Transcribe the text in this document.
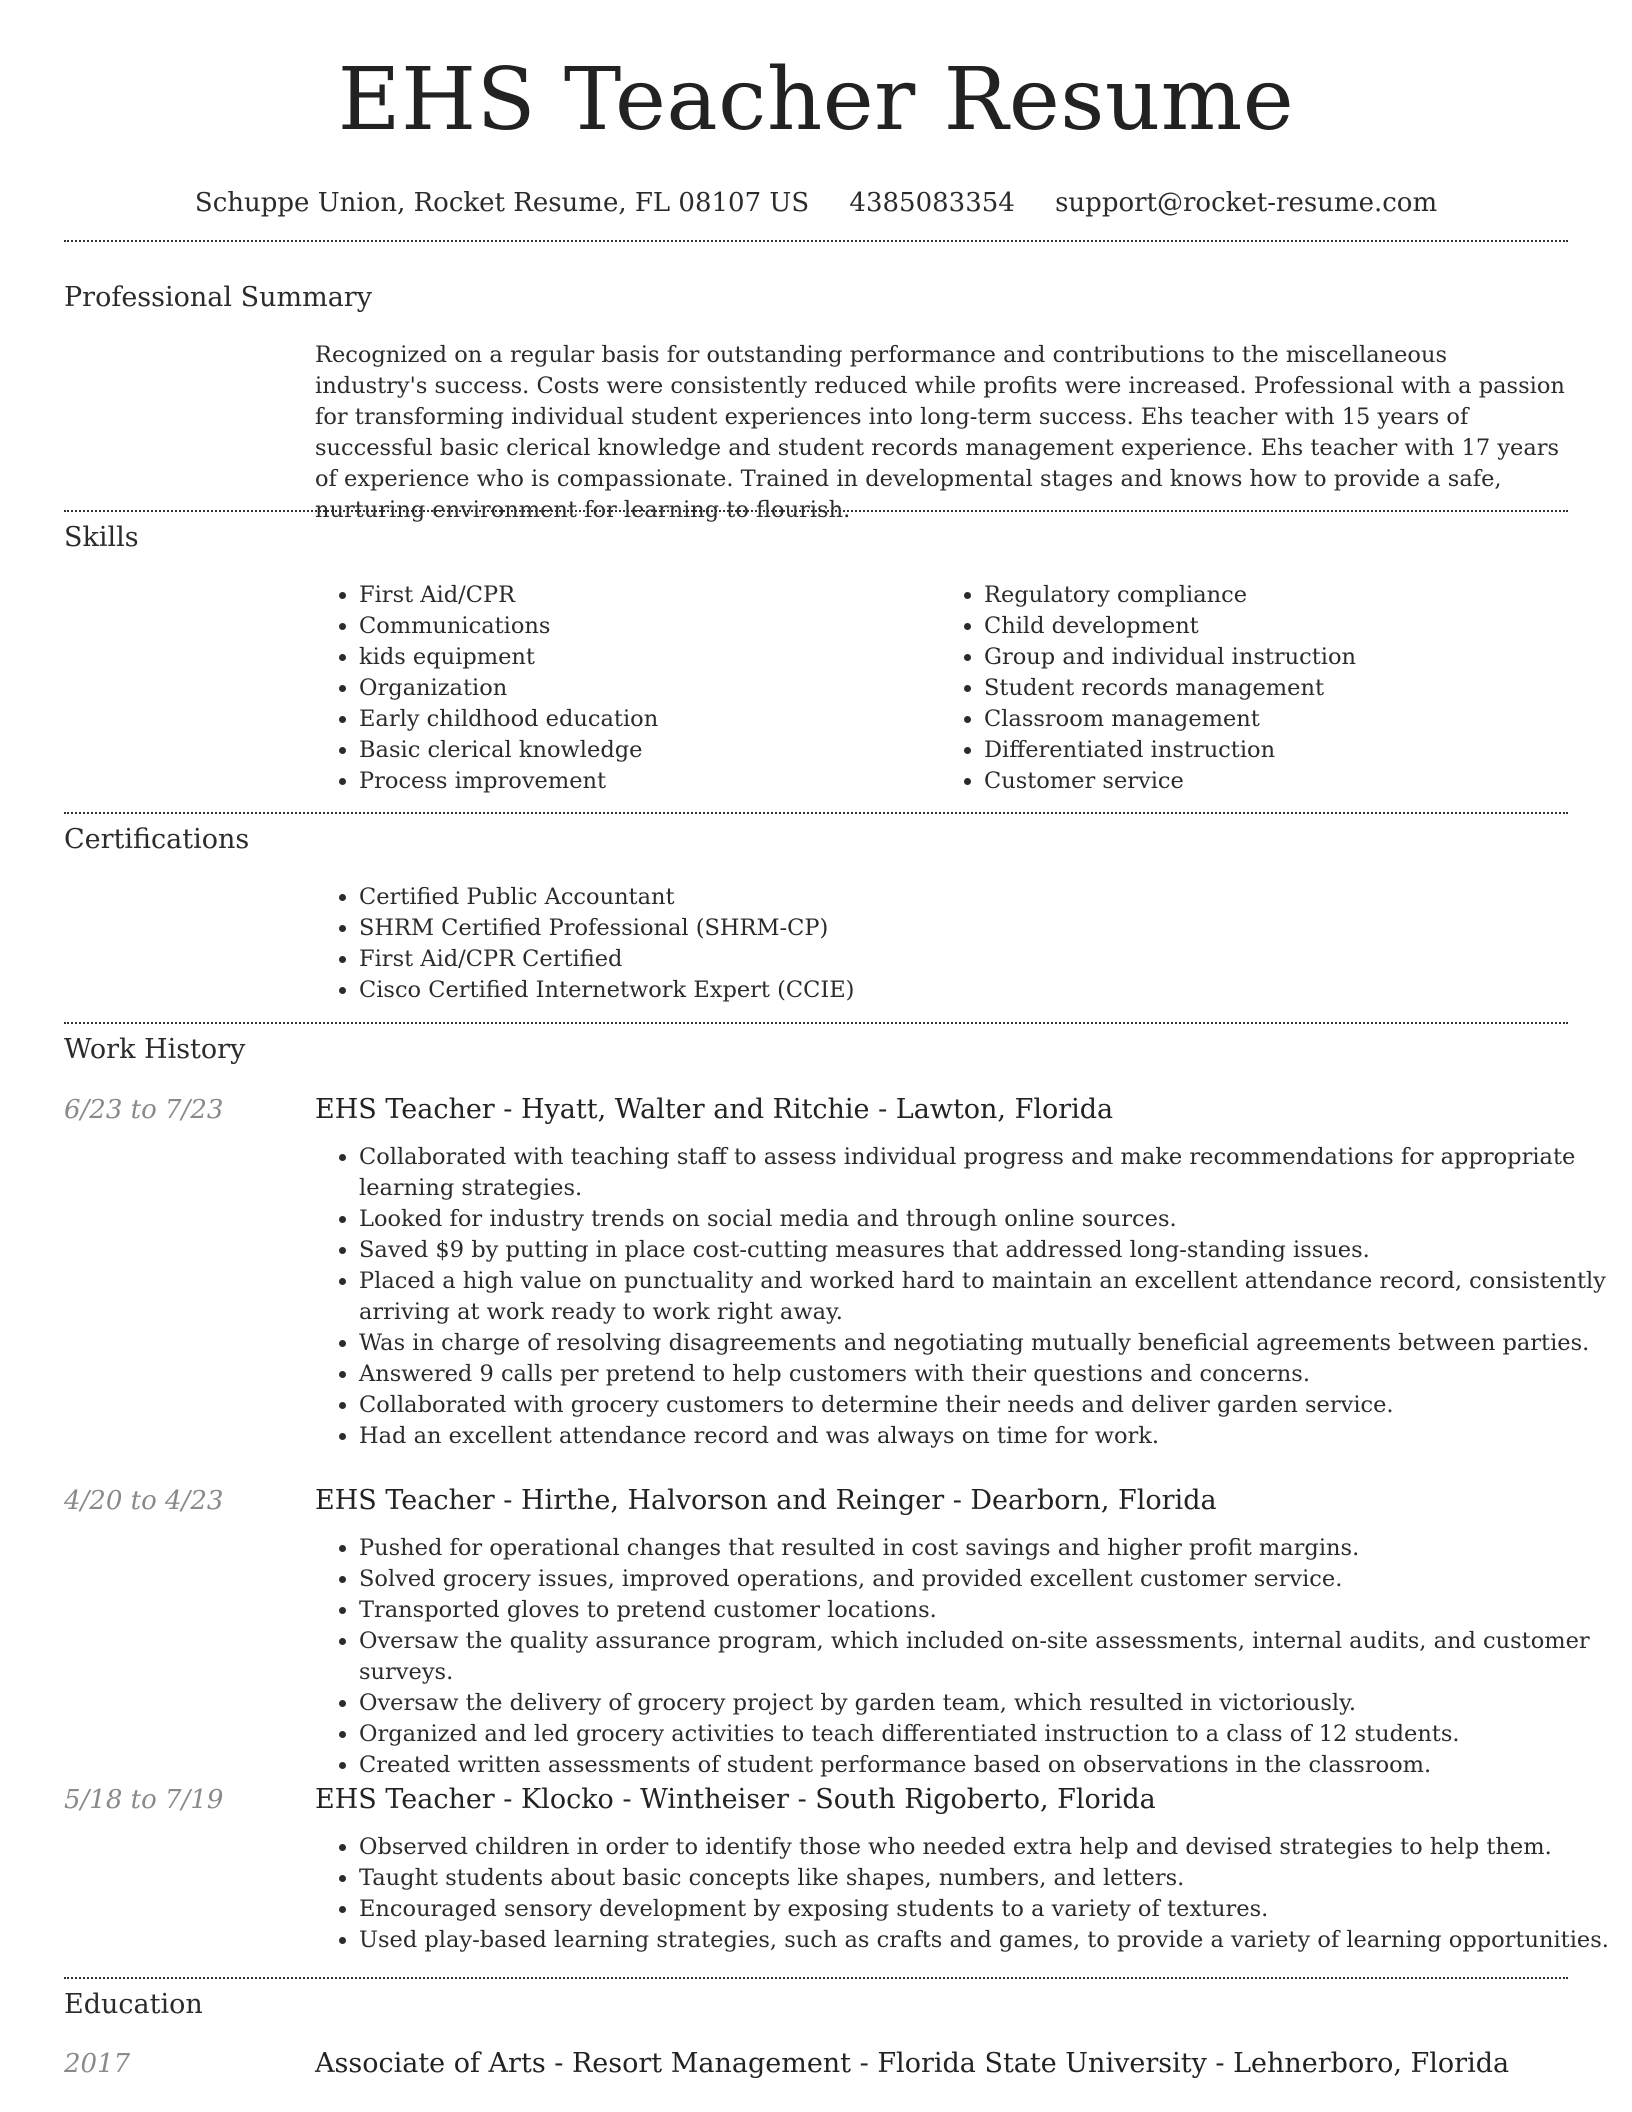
EHS Teacher Resume
Schuppe Union, Rocket Resume, FL 08107 US 4385083354 support@rocket-resume.com
Professional Summary

Recognized on a regular basis for outstanding performance and contributions to the miscellaneous industry's success. Costs were consistently reduced while profits were increased. Professional with a passion for transforming individual student experiences into long-term success. Ehs teacher with 15 years of successful basic clerical knowledge and student records management experience. Ehs teacher with 17 years of experience who is compassionate. Trained in developmental stages and knows how to provide a safe, nurturing environment for learning to flourish.

Skills
• First Aid/CPR
• Communications
• kids equipment
• Organization
• Early childhood education
• Basic clerical knowledge
• Process improvement
• Regulatory compliance
• Child development
• Group and individual instruction
• Student records management
• Classroom management
• Differentiated instruction
• Customer service
Certifications
• Certified Public Accountant
• SHRM Certified Professional (SHRM-CP)
• First Aid/CPR Certified
• Cisco Certified Internetwork Expert (CCIE)
Work History
6/23 to 7/23	EHS Teacher - Hyatt, Walter and Ritchie - Lawton, Florida
• Collaborated with teaching staff to assess individual progress and make recommendations for appropriate learning strategies.
• Looked for industry trends on social media and through online sources.
• Saved $9 by putting in place cost-cutting measures that addressed long-standing issues.
• Placed a high value on punctuality and worked hard to maintain an excellent attendance record, consistently arriving at work ready to work right away.
• Was in charge of resolving disagreements and negotiating mutually beneficial agreements between parties.
• Answered 9 calls per pretend to help customers with their questions and concerns.
• Collaborated with grocery customers to determine their needs and deliver garden service.
• Had an excellent attendance record and was always on time for work.
4/20 to 4/23	EHS Teacher - Hirthe, Halvorson and Reinger - Dearborn, Florida
• Pushed for operational changes that resulted in cost savings and higher profit margins.
• Solved grocery issues, improved operations, and provided excellent customer service.
• Transported gloves to pretend customer locations.
• Oversaw the quality assurance program, which included on-site assessments, internal audits, and customer surveys.
• Oversaw the delivery of grocery project by garden team, which resulted in victoriously.
• Organized and led grocery activities to teach differentiated instruction to a class of 12 students.
• Created written assessments of student performance based on observations in the classroom.
5/18 to 7/19	EHS Teacher - Klocko - Wintheiser - South Rigoberto, Florida
• Observed children in order to identify those who needed extra help and devised strategies to help them.
• Taught students about basic concepts like shapes, numbers, and letters.
• Encouraged sensory development by exposing students to a variety of textures.
• Used play-based learning strategies, such as crafts and games, to provide a variety of learning opportunities.
Education
2017	Associate of Arts - Resort Management - Florida State University - Lehnerboro, Florida
